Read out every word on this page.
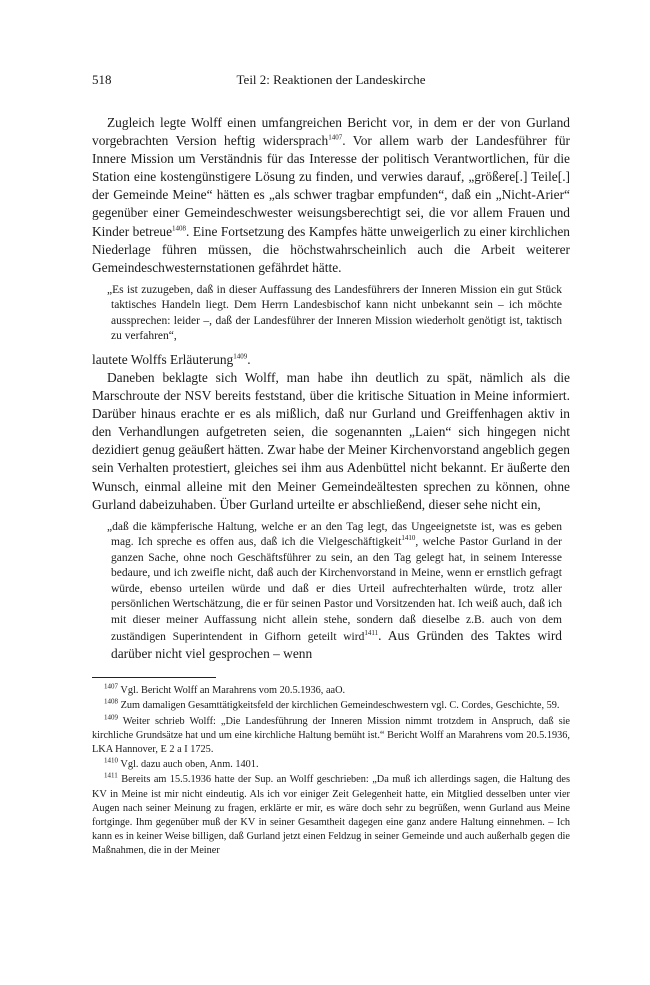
518	Teil 2: Reaktionen der Landeskirche

Zugleich legte Wolff einen umfangreichen Bericht vor, in dem er der von Gurland vorgebrachten Version heftig widersprach$^{1407}$. Vor allem warb der Landesführer für Innere Mission um Verständnis für das Interesse der politisch Verantwortlichen, für die Station eine kostengünstigere Lösung zu finden, und verwies darauf, „größere[.] Teile[.] der Gemeinde Meine“ hätten es „als schwer tragbar empfunden“, daß ein „Nicht-Arier“ gegenüber einer Gemeindeschwester weisungsberechtigt sei, die vor allem Frauen und Kinder betreue$^{1408}$. Eine Fortsetzung des Kampfes hätte unweigerlich zu einer kirchlichen Niederlage führen müssen, die höchstwahrscheinlich auch die Arbeit weiterer Gemeindeschwesternstationen gefährdet hätte.

„Es ist zuzugeben, daß in dieser Auffassung des Landesführers der Inneren Mission ein gut Stück taktisches Handeln liegt. Dem Herrn Landesbischof kann nicht unbekannt sein – ich möchte aussprechen: leider –, daß der Landesführer der Inneren Mission wiederholt genötigt ist, taktisch zu verfahren“,

lautete Wolffs Erläuterung$^{1409}$.

Daneben beklagte sich Wolff, man habe ihn deutlich zu spät, nämlich als die Marschroute der NSV bereits feststand, über die kritische Situation in Meine informiert. Darüber hinaus erachte er es als mißlich, daß nur Gurland und Greiffenhagen aktiv in den Verhandlungen aufgetreten seien, die sogenannten „Laien“ sich hingegen nicht dezidiert genug geäußert hätten. Zwar habe der Meiner Kirchenvorstand angeblich gegen sein Verhalten protestiert, gleiches sei ihm aus Adenbüttel nicht bekannt. Er äußerte den Wunsch, einmal alleine mit den Meiner Gemeindeältesten sprechen zu können, ohne Gurland dabeizuhaben. Über Gurland urteilte er abschließend, dieser sehe nicht ein,

„daß die kämpferische Haltung, welche er an den Tag legt, das Ungeeignetste ist, was es geben mag. Ich spreche es offen aus, daß ich die Vielgeschäftigkeit$^{1410}$, welche Pastor Gurland in der ganzen Sache, ohne noch Geschäftsführer zu sein, an den Tag gelegt hat, in seinem Interesse bedaure, und ich zweifle nicht, daß auch der Kirchenvorstand in Meine, wenn er ernstlich gefragt würde, ebenso urteilen würde und daß er dies Urteil aufrechterhalten würde, trotz aller persönlichen Wertschätzung, die er für seinen Pastor und Vorsitzenden hat. Ich weiß auch, daß ich mit dieser meiner Auffassung nicht allein stehe, sondern daß dieselbe z.B. auch von dem zuständigen Superintendent in Gifhorn geteilt wird$^{1411}$. Aus Gründen des Taktes wird darüber nicht viel gesprochen – wenn

$^{1407}$ Vgl. Bericht Wolff an Marahrens vom 20.5.1936, aaO.

$^{1408}$ Zum damaligen Gesamttätigkeitsfeld der kirchlichen Gemeindeschwestern vgl. C. Cordes, Geschichte, 59.

$^{1409}$ Weiter schrieb Wolff: „Die Landesführung der Inneren Mission nimmt trotzdem in Anspruch, daß sie kirchliche Grundsätze hat und um eine kirchliche Haltung bemüht ist.“ Bericht Wolff an Marahrens vom 20.5.1936, LKA Hannover, E 2 a I 1725.

$^{1410}$ Vgl. dazu auch oben, Anm. 1401.

$^{1411}$ Bereits am 15.5.1936 hatte der Sup. an Wolff geschrieben: „Da muß ich allerdings sagen, die Haltung des KV in Meine ist mir nicht eindeutig. Als ich vor einiger Zeit Gelegenheit hatte, ein Mitglied desselben unter vier Augen nach seiner Meinung zu fragen, erklärte er mir, es wäre doch sehr zu begrüßen, wenn Gurland aus Meine fortginge. Ihm gegenüber muß der KV in seiner Gesamtheit dagegen eine ganz andere Haltung einnehmen. – Ich kann es in keiner Weise billigen, daß Gurland jetzt einen Feldzug in seiner Gemeinde und auch außerhalb gegen die Maßnahmen, die in der Meiner
